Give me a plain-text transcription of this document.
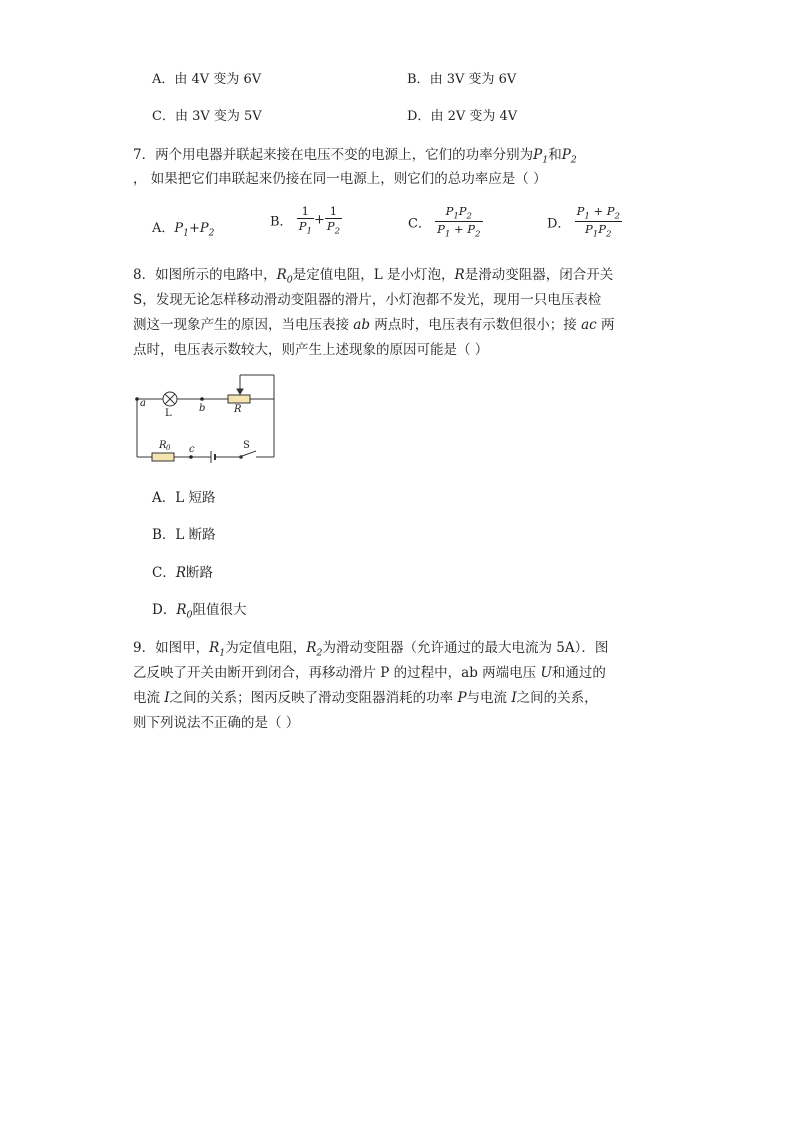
A．由 4V 变为 6V	B．由 3V 变为 6V
C．由 3V 变为 5V	D．由 2V 变为 4V
7．两个用电器并联起来接在电压不变的电源上，它们的功率分别为$P_1$和$P_2$
， 如果把它们串联起来仍接在同一电源上，则它们的总功率应是（ ）
A．$P_1+P_2$
B． $\frac{1}{P_1} + \frac{1}{P_2}$	C． $\frac{P_1P_2}{P_1 + P_2}$	D． $\frac{P_1 + P_2}{P_1P_2}$
8．如图所示的电路中，$R_0$是定值电阻，L 是小灯泡，R是滑动变阻器，闭合开关
S，发现无论怎样移动滑动变阻器的滑片，小灯泡都不发光，现用一只电压表检
测这一现象产生的原因，当电压表接 ab 两点时，电压表有示数但很小；接 ac 两
点时，电压表示数较大，则产生上述现象的原因可能是（ ）
a
L	b	R
R 0 c	S
A．L 短路
B．L 断路
C．R断路
D．$R_0$阻值很大
9．如图甲，$R_1$为定值电阻，$R_2$为滑动变阻器（允许通过的最大电流为 5A）．图
乙反映了开关由断开到闭合，再移动滑片 P 的过程中，ab 两端电压 U和通过的
电流 I之间的关系；图丙反映了滑动变阻器消耗的功率 P与电流 I之间的关系，
则下列说法不正确的是（ ）
